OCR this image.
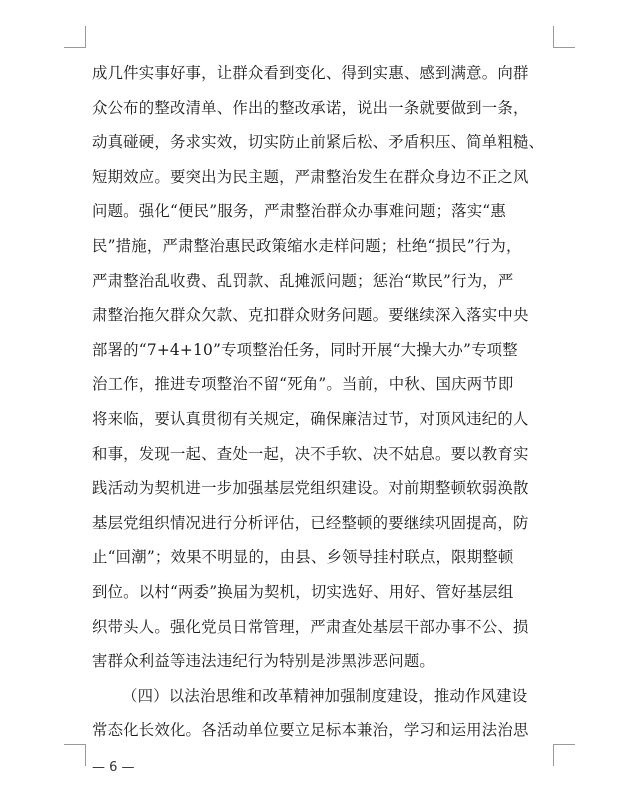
成几件实事好事，让群众看到变化、得到实惠、感到满意。向群
众公布的整改清单、作出的整改承诺，说出一条就要做到一条，
动真碰硬，务求实效，切实防止前紧后松、矛盾积压、简单粗糙、
短期效应。要突出为民主题，严肃整治发生在群众身边不正之风
问题。强化“便民”服务，严肃整治群众办事难问题；落实“惠
民”措施，严肃整治惠民政策缩水走样问题；杜绝“损民”行为，
严肃整治乱收费、乱罚款、乱摊派问题；惩治“欺民”行为，严
肃整治拖欠群众欠款、克扣群众财务问题。要继续深入落实中央
部署的“7+4+10”专项整治任务，同时开展“大操大办”专项整
治工作，推进专项整治不留“死角”。当前，中秋、国庆两节即
将来临，要认真贯彻有关规定，确保廉洁过节，对顶风违纪的人
和事，发现一起、查处一起，决不手软、决不姑息。要以教育实
践活动为契机进一步加强基层党组织建设。对前期整顿软弱涣散
基层党组织情况进行分析评估，已经整顿的要继续巩固提高，防
止“回潮”；效果不明显的，由县、乡领导挂村联点，限期整顿
到位。以村“两委”换届为契机，切实选好、用好、管好基层组
织带头人。强化党员日常管理，严肃查处基层干部办事不公、损
害群众利益等违法违纪行为特别是涉黑涉恶问题。
（四）以法治思维和改革精神加强制度建设，推动作风建设
常态化长效化。各活动单位要立足标本兼治，学习和运用法治思
— 6 —
